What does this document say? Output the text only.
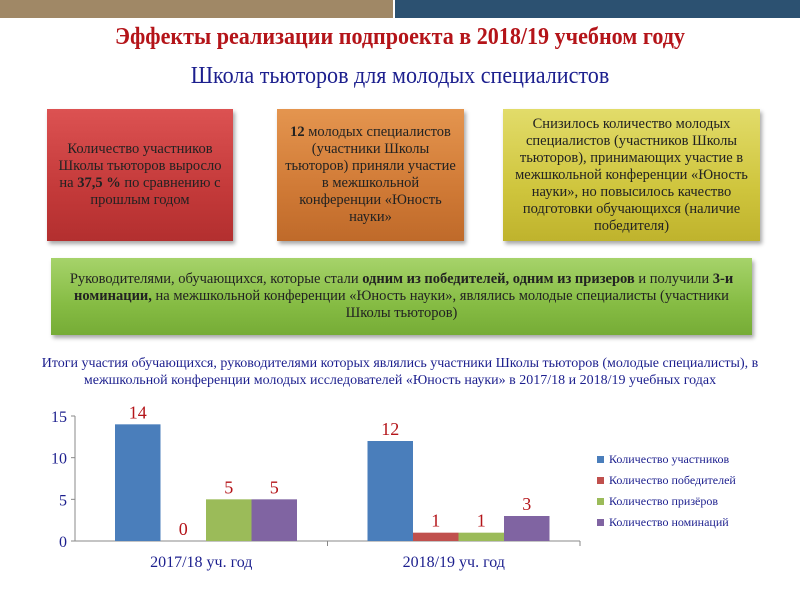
Эффекты реализации подпроекта в 2018/19 учебном году
Школа тьюторов для молодых специалистов
Количество участников Школы тьюторов выросло на 37,5 % по сравнению с прошлым годом
12 молодых специалистов (участники Школы тьюторов) приняли участие в межшкольной конференции «Юность науки»
Снизилось количество молодых специалистов (участников Школы тьюторов), принимающих участие в межшкольной конференции «Юность науки», но повысилось качество подготовки обучающихся (наличие победителя)
Руководителями, обучающихся, которые стали одним из победителей, одним из призеров и получили 3-и номинации, на межшкольной конференции «Юность науки», являлись молодые специалисты (участники Школы тьюторов)
Итоги участия обучающихся, руководителями которых являлись участники Школы тьюторов (молодые специалисты), в межшкольной конференции молодых исследователей «Юность науки» в 2017/18 и 2018/19 учебных годах
0
5
10
15
2017/18 уч. год
14
0
5 5
2018/19 уч. год
12
1 1
3
Количество участников
Количество победителей
Количество призёров
Количество номинаций
